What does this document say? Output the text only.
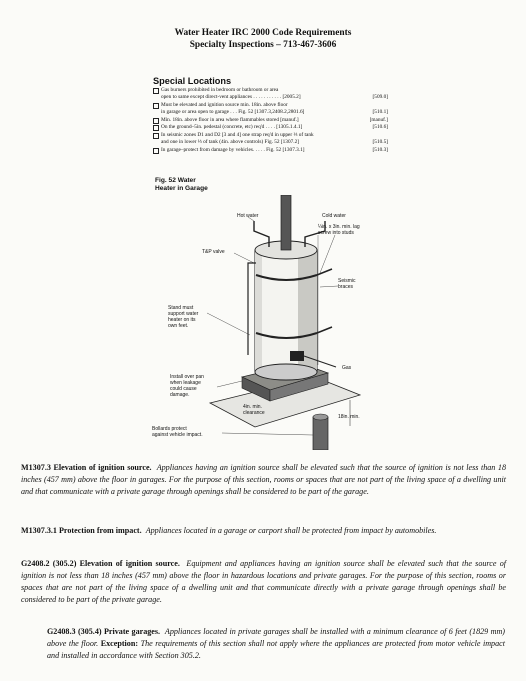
Water Heater IRC 2000 Code Requirements
Specialty Inspections – 713-467-3606
Special Locations
Gas burners prohibited in bedroom or bathroom or area
open to same except direct-vent appliances . . . . . . . . . . . [2005.2]	[509.0]
Must be elevated and ignition source min. 18in. above floor
in garage or area open to garage . . . Fig. 52 [1307.3,2408.2,2801.6]	[510.1]
Min. 18in. above floor in area where flammables stored [manuf.]	[manuf.]
On the ground–5in. pedestal (concrete, etc) req'd . . . . [1305.1.4.1]	[510.6]
In seismic zones D1 and D2 [3 and 4] one strap req'd in upper ⅓ of tank
and one in lower ⅓ of tank (4in. above controls) Fig. 52 [1307.2]	[510.5]
In garage–protect from damage by vehicles. . . . . Fig. 52 [1307.3.1]	[510.3]
Fig. 52 Water
Heater in Garage
Hot water	Cold water
T&P valve
¼in. x 3in. min. lag
screw into studs
Seismic
braces
Stand must
support water
heater on its
own feet.
Gas
Install over pan
when leakage
could cause
damage.
4in. min.
clearance
18in. min.
Bollards protect
against vehicle impact.
M1307.3 Elevation of ignition source. Appliances having an ignition source shall be elevated such that the source of ignition is not less than 18 inches (457 mm) above the floor in garages. For the purpose of this section, rooms or spaces that are not part of the living space of a dwelling unit and that communicate with a private garage through openings shall be considered to be part of the garage.
M1307.3.1 Protection from impact. Appliances located in a garage or carport shall be protected from impact by automobiles.
G2408.2 (305.2) Elevation of ignition source. Equipment and appliances having an ignition source shall be elevated such that the source of ignition is not less than 18 inches (457 mm) above the floor in hazardous locations and private garages. For the purpose of this section, rooms or spaces that are not part of the living space of a dwelling unit and that communicate directly with a private garage through openings shall be considered to be part of the private garage.
G2408.3 (305.4) Private garages. Appliances located in private garages shall be installed with a minimum clearance of 6 feet (1829 mm) above the floor. Exception: The requirements of this section shall not apply where the appliances are protected from motor vehicle impact and installed in accordance with Section 305.2.
